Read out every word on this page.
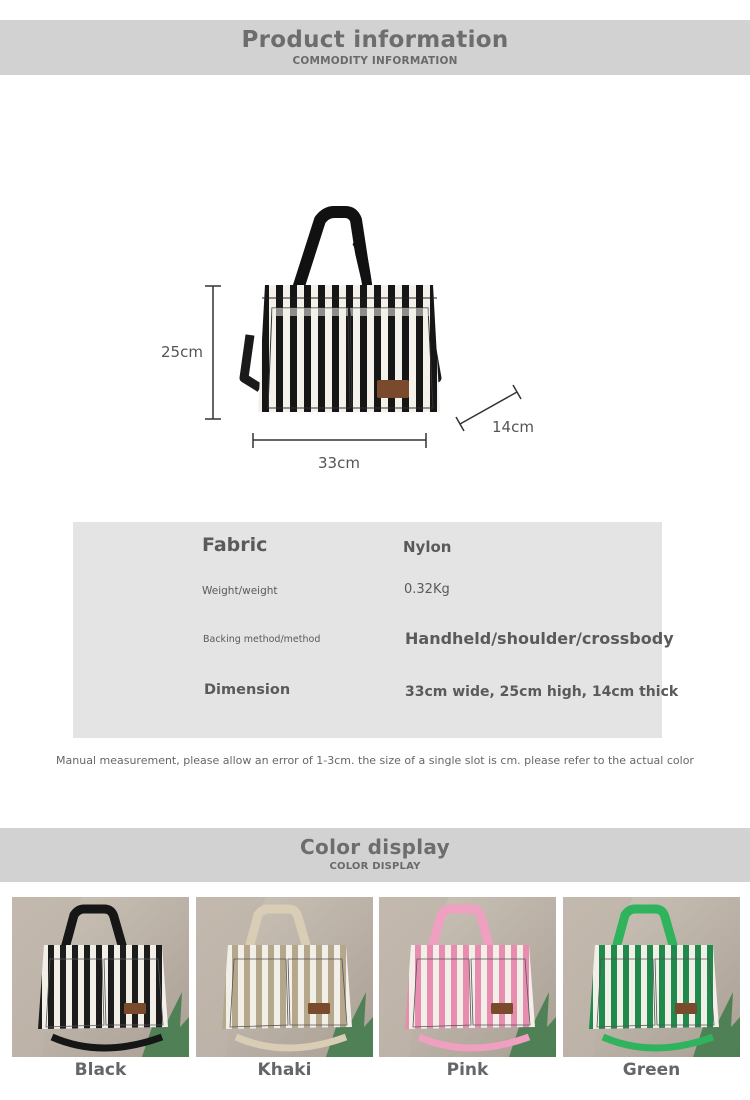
Product information
COMMODITY INFORMATION
25cm
33cm
14cm
Fabric	Nylon
Weight/weight	0.32Kg
Backing method/method	Handheld/shoulder/crossbody
Dimension	33cm wide, 25cm high, 14cm thick
Manual measurement, please allow an error of 1-3cm. the size of a single slot is cm. please refer to the actual color
Color display
COLOR DISPLAY
Black	Khaki	Pink	Green
